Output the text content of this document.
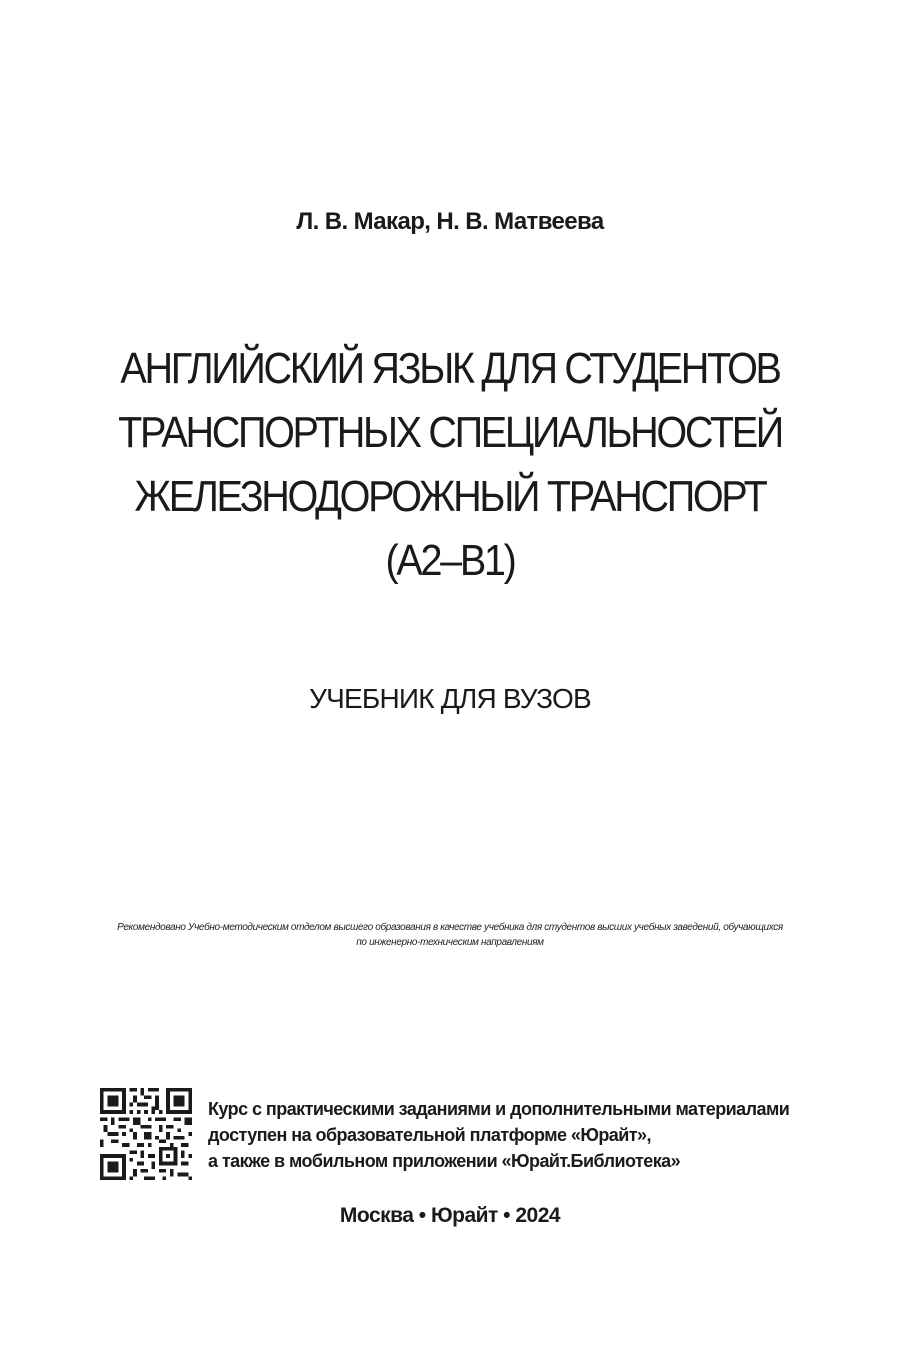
Л. В. Макар, Н. В. Матвеева
АНГЛИЙСКИЙ ЯЗЫК ДЛЯ СТУДЕНТОВ
ТРАНСПОРТНЫХ СПЕЦИАЛЬНОСТЕЙ
ЖЕЛЕЗНОДОРОЖНЫЙ ТРАНСПОРТ
(A2–B1)
УЧЕБНИК ДЛЯ ВУЗОВ
Рекомендовано Учебно-методическим отделом высшего образования в качестве учебника для студентов высших учебных заведений, обучающихся
по инженерно-техническим направлениям
Курс с практическими заданиями и дополнительными материалами
доступен на образовательной платформе «Юрайт»,
а также в мобильном приложении «Юрайт.Библиотека»
Москва • Юрайт • 2024
